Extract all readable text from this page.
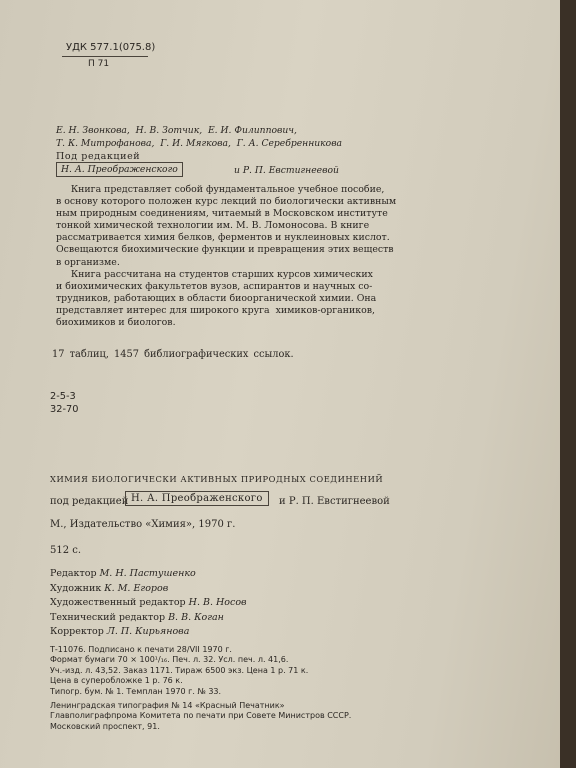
УДК 577.1(075.8)
П 71
Е. Н. Звонкова,  Н. В. Зотчик,  Е. И. Филиппович,
Т. К. Митрофанова,  Г. И. Мягкова,  Г. А. Серебренникова
Под редакцией
Н. А. Преображенского	и Р. П. Евстигнеевой
Книга представляет собой фундаментальное учебное пособие,
в основу которого положен курс лекций по биологически активным
ным природным соединениям, читаемый в Московском институте
тонкой химической технологии им. М. В. Ломоносова. В книге
рассматривается химия белков, ферментов и нуклеиновых кислот.
Освещаются биохимические функции и превращения этих веществ
в организме.
Книга рассчитана на студентов старших курсов химических
и биохимических факультетов вузов, аспирантов и научных со-
трудников, работающих в области биоорганической химии. Она
представляет интерес для широкого круга  химиков-органиков,
биохимиков и биологов.
17 таблиц, 1457 библиографических ссылок.
2-5-3
32-70
ХИМИЯ БИОЛОГИЧЕСКИ АКТИВНЫХ ПРИРОДНЫХ СОЕДИНЕНИЙ
под редакцией Н. А. Преображенского	и Р. П. Евстигнеевой
М., Издательство «Химия», 1970 г.
512 с.
Редактор М. Н. Пастушенко
Художник К. М. Егоров
Художественный редактор Н. В. Носов
Технический редактор В. В. Коган
Корректор Л. П. Кирьянова
Т-11076. Подписано к печати 28/VII 1970 г.
Формат бумаги 70 × 100¹/₁₆. Печ. л. 32. Усл. печ. л. 41,6.
Уч.-изд. л. 43,52. Заказ 1171. Тираж 6500 экз. Цена 1 р. 71 к.
Цена в суперобложке 1 р. 76 к.
Типогр. бум. № 1. Темплан 1970 г. № 33.
Ленинградская типография № 14 «Красный Печатник»
Главполиграфпрома Комитета по печати при Совете Министров СССР.
Московский проспект, 91.
